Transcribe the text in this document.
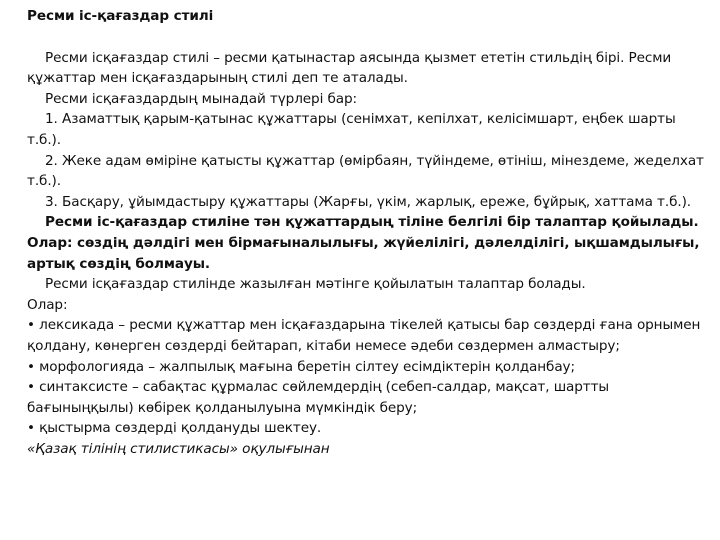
Ресми іс-қағаздар стилі

Ресми ісқағаздар стилі – ресми қатынастар аясында қызмет ететін стильдің бірі. Ресми құжаттар мен ісқағаздарының стилі деп те аталады.

Ресми ісқағаздардың мынадай түрлері бар:

1. Азаматтық қарым-қатынас құжаттары (сенімхат, кепілхат, келісімшарт, еңбек шарты т.б.).

2. Жеке адам өміріне қатысты құжаттар (өмірбаян, түйіндеме, өтініш, мінездеме, жеделхат т.б.).

3. Басқару, ұйымдастыру құжаттары (Жарғы, үкім, жарлық, ереже, бұйрық, хаттама т.б.).

Ресми іс-қағаздар стиліне тән құжаттардың тіліне белгілі бір талаптар қойылады. Олар: сөздің дәлдігі мен бірмағыналылығы, жүйелілігі, дәлелділігі, ықшамдылығы, артық сөздің болмауы.

Ресми ісқағаздар стилінде жазылған мәтінге қойылатын талаптар болады.

Олар:

• лексикада – ресми құжаттар мен ісқағаздарына тікелей қатысы бар сөздерді ғана орнымен қолдану, көнерген сөздерді бейтарап, кітаби немесе әдеби сөздермен алмастыру;

• морфологияда – жалпылық мағына беретін сілтеу есімдіктерін қолданбау;

• синтаксисте – сабақтас құрмалас сөйлемдердің (себеп-салдар, мақсат, шартты бағыныңқылы) көбірек қолданылуына мүмкіндік беру;

• қыстырма сөздерді қолдануды шектеу.

«Қазақ тілінің стилистикасы» оқулығынан
